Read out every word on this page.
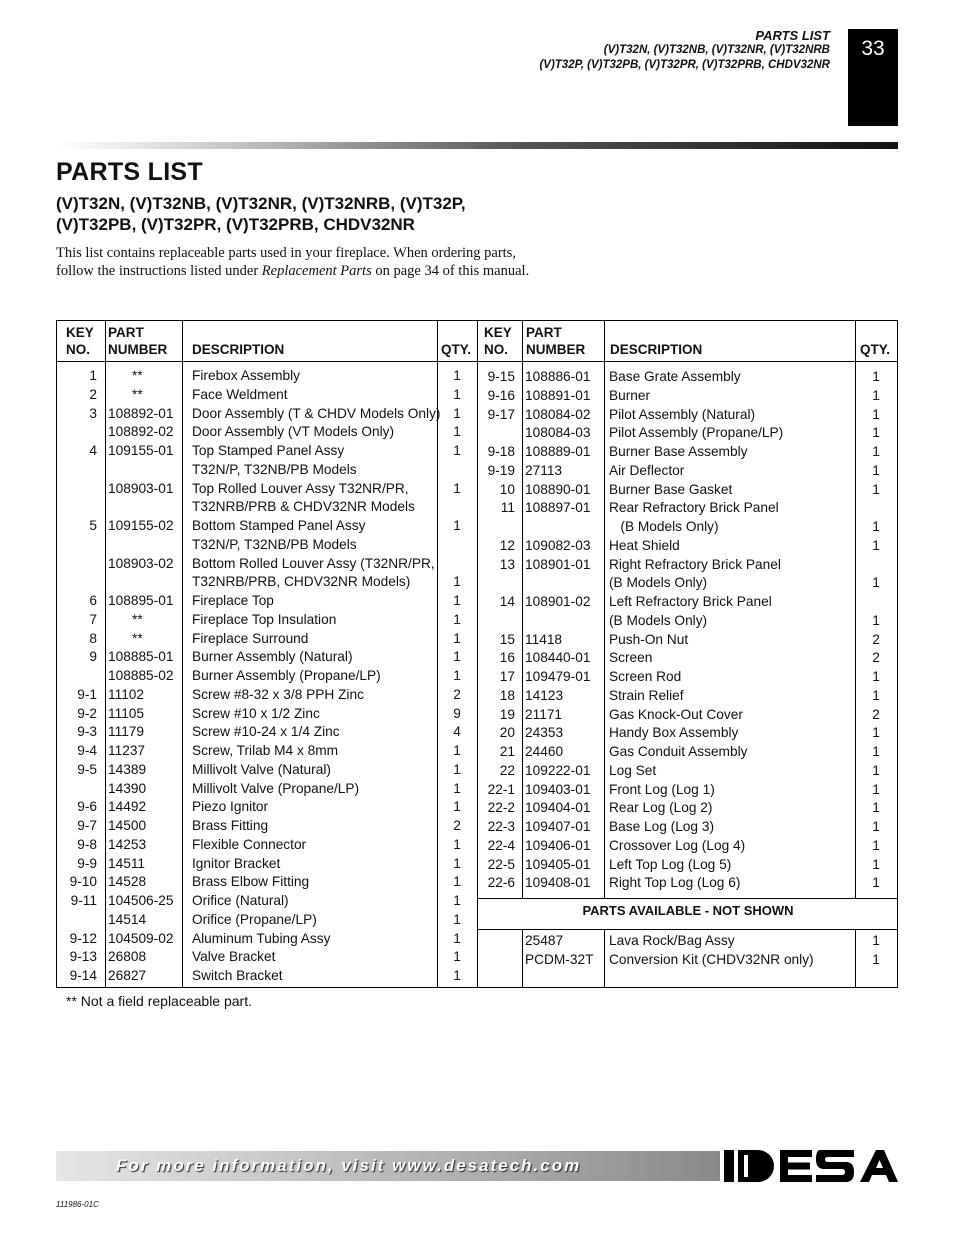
PARTS LIST
(V)T32N, (V)T32NB, (V)T32NR, (V)T32NRB
(V)T32P, (V)T32PB, (V)T32PR, (V)T32PRB, CHDV32NR
33
PARTS LIST
(V)T32N, (V)T32NB, (V)T32NR, (V)T32NRB, (V)T32P,
(V)T32PB, (V)T32PR, (V)T32PRB, CHDV32NR
This list contains replaceable parts used in your fireplace. When ordering parts, follow the instructions listed under Replacement Parts on page 34 of this manual.
KEY
NO.
PART
NUMBER DESCRIPTION	QTY.
KEY
NO.
PART
NUMBER DESCRIPTION	QTY.
1	**	Firebox Assembly	1
2	**	Face Weldment	1
3 108892-01	Door Assembly (T & CHDV Models Only) 1
108892-02	Door Assembly (VT Models Only)	1
4 109155-01	Top Stamped Panel Assy	1
T32N/P, T32NB/PB Models
108903-01	Top Rolled Louver Assy T32NR/PR,	1
T32NRB/PRB & CHDV32NR Models
5 109155-02	Bottom Stamped Panel Assy	1
T32N/P, T32NB/PB Models
108903-02	Bottom Rolled Louver Assy (T32NR/PR,
T32NRB/PRB, CHDV32NR Models)	1
6 108895-01	Fireplace Top	1
7	**	Fireplace Top Insulation	1
8	**	Fireplace Surround	1
9 108885-01	Burner Assembly (Natural)	1
108885-02	Burner Assembly (Propane/LP)	1
9-1 11102	Screw #8-32 x 3/8 PPH Zinc	2
9-2 11105	Screw #10 x 1/2 Zinc	9
9-3 11179	Screw #10-24 x 1/4 Zinc	4
9-4 11237	Screw, Trilab M4 x 8mm	1
9-5 14389	Millivolt Valve (Natural)	1
14390	Millivolt Valve (Propane/LP)	1
9-6 14492	Piezo Ignitor	1
9-7 14500	Brass Fitting	2
9-8 14253	Flexible Connector	1
9-9 14511	Ignitor Bracket	1
9-10 14528	Brass Elbow Fitting	1
9-11 104506-25	Orifice (Natural)	1
14514	Orifice (Propane/LP)	1
9-12 104509-02	Aluminum Tubing Assy	1
9-13 26808	Valve Bracket	1
9-14 26827	Switch Bracket	1
9-15 108886-01	Base Grate Assembly	1
9-16 108891-01	Burner	1
9-17 108084-02	Pilot Assembly (Natural)	1
108084-03	Pilot Assembly (Propane/LP)	1
9-18 108889-01	Burner Base Assembly	1
9-19 27113	Air Deflector	1
10 108890-01	Burner Base Gasket	1
11 108897-01	Rear Refractory Brick Panel
(B Models Only)	1
12 109082-03	Heat Shield	1
13 108901-01	Right Refractory Brick Panel
(B Models Only)	1
14 108901-02	Left Refractory Brick Panel
(B Models Only)	1
15 11418	Push-On Nut	2
16 108440-01	Screen	2
17 109479-01	Screen Rod	1
18 14123	Strain Relief	1
19 21171	Gas Knock-Out Cover	2
20 24353	Handy Box Assembly	1
21 24460	Gas Conduit Assembly	1
22 109222-01	Log Set	1
22-1 109403-01	Front Log (Log 1)	1
22-2 109404-01	Rear Log (Log 2)	1
22-3 109407-01	Base Log (Log 3)	1
22-4 109406-01	Crossover Log (Log 4)	1
22-5 109405-01	Left Top Log (Log 5)	1
22-6 109408-01	Right Top Log (Log 6)	1
25487	Lava Rock/Bag Assy	1
PCDM-32T	Conversion Kit (CHDV32NR only)	1
PARTS AVAILABLE - NOT SHOWN
** Not a field replaceable part.
For more information, visit www.desatech.com
111986-01C
